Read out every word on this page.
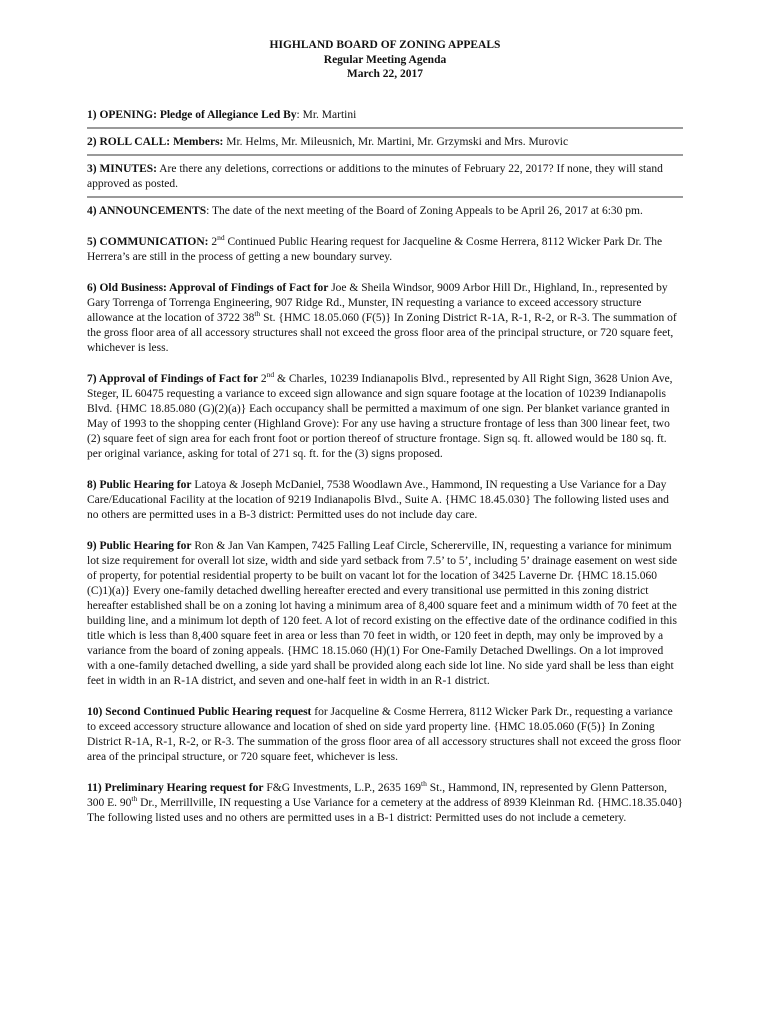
HIGHLAND BOARD OF ZONING APPEALS
Regular Meeting Agenda
March 22, 2017

1) OPENING: Pledge of Allegiance Led By: Mr. Martini

2) ROLL CALL: Members: Mr. Helms, Mr. Mileusnich, Mr. Martini, Mr. Grzymski and Mrs. Murovic

3) MINUTES: Are there any deletions, corrections or additions to the minutes of February 22, 2017? If none, they will stand approved as posted.

4) ANNOUNCEMENTS: The date of the next meeting of the Board of Zoning Appeals to be April 26, 2017 at 6:30 pm.

5) COMMUNICATION: 2nd Continued Public Hearing request for Jacqueline & Cosme Herrera, 8112 Wicker Park Dr. The Herrera’s are still in the process of getting a new boundary survey.

6) Old Business: Approval of Findings of Fact for Joe & Sheila Windsor, 9009 Arbor Hill Dr., Highland, In., represented by Gary Torrenga of Torrenga Engineering, 907 Ridge Rd., Munster, IN requesting a variance to exceed accessory structure allowance at the location of 3722 38th St. {HMC 18.05.060 (F(5)} In Zoning District R-1A, R-1, R-2, or R-3. The summation of the gross floor area of all accessory structures shall not exceed the gross floor area of the principal structure, or 720 square feet, whichever is less.

7) Approval of Findings of Fact for 2nd & Charles, 10239 Indianapolis Blvd., represented by All Right Sign, 3628 Union Ave, Steger, IL 60475 requesting a variance to exceed sign allowance and sign square footage at the location of 10239 Indianapolis Blvd. {HMC 18.85.080 (G)(2)(a)} Each occupancy shall be permitted a maximum of one sign. Per blanket variance granted in May of 1993 to the shopping center (Highland Grove): For any use having a structure frontage of less than 300 linear feet, two (2) square feet of sign area for each front foot or portion thereof of structure frontage. Sign sq. ft. allowed would be 180 sq. ft. per original variance, asking for total of 271 sq. ft. for the (3) signs proposed.

8) Public Hearing for Latoya & Joseph McDaniel, 7538 Woodlawn Ave., Hammond, IN requesting a Use Variance for a Day Care/Educational Facility at the location of 9219 Indianapolis Blvd., Suite A. {HMC 18.45.030} The following listed uses and no others are permitted uses in a B-3 district: Permitted uses do not include day care.

9) Public Hearing for Ron & Jan Van Kampen, 7425 Falling Leaf Circle, Schererville, IN, requesting a variance for minimum lot size requirement for overall lot size, width and side yard setback from 7.5’ to 5’, including 5’ drainage easement on west side of property, for potential residential property to be built on vacant lot for the location of 3425 Laverne Dr. {HMC 18.15.060 (C)1)(a)} Every one-family detached dwelling hereafter erected and every transitional use permitted in this zoning district hereafter established shall be on a zoning lot having a minimum area of 8,400 square feet and a minimum width of 70 feet at the building line, and a minimum lot depth of 120 feet. A lot of record existing on the effective date of the ordinance codified in this title which is less than 8,400 square feet in area or less than 70 feet in width, or 120 feet in depth, may only be improved by a variance from the board of zoning appeals. {HMC 18.15.060 (H)(1) For One-Family Detached Dwellings. On a lot improved with a one-family detached dwelling, a side yard shall be provided along each side lot line. No side yard shall be less than eight feet in width in an R-1A district, and seven and one-half feet in width in an R-1 district.

10) Second Continued Public Hearing request for Jacqueline & Cosme Herrera, 8112 Wicker Park Dr., requesting a variance to exceed accessory structure allowance and location of shed on side yard property line. {HMC 18.05.060 (F(5)} In Zoning District R-1A, R-1, R-2, or R-3. The summation of the gross floor area of all accessory structures shall not exceed the gross floor area of the principal structure, or 720 square feet, whichever is less.

11) Preliminary Hearing request for F&G Investments, L.P., 2635 169th St., Hammond, IN, represented by Glenn Patterson, 300 E. 90th Dr., Merrillville, IN requesting a Use Variance for a cemetery at the address of 8939 Kleinman Rd. {HMC.18.35.040} The following listed uses and no others are permitted uses in a B-1 district: Permitted uses do not include a cemetery.
